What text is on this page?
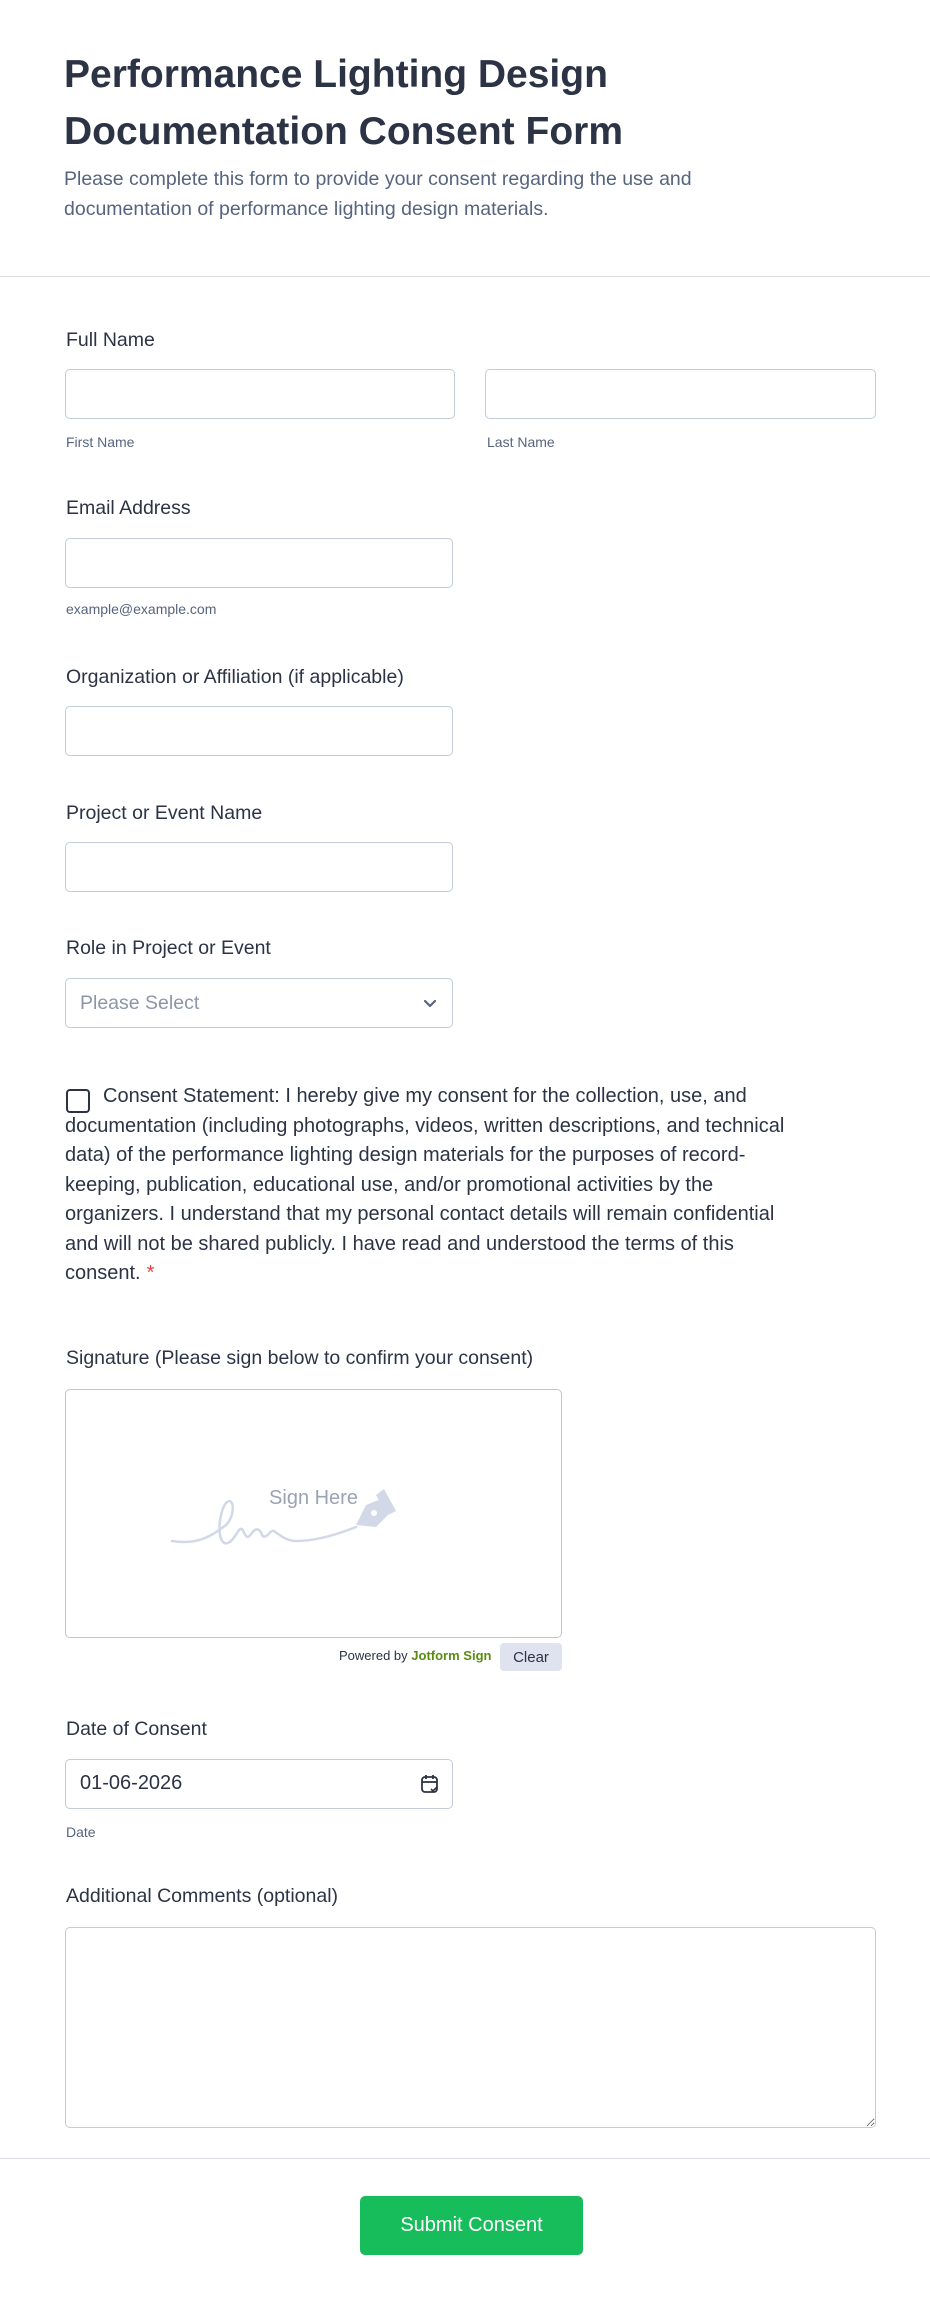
Performance Lighting Design Documentation Consent Form
Please complete this form to provide your consent regarding the use and documentation of performance lighting design materials.
Full Name
First Name	Last Name
Email Address
example@example.com
Organization or Affiliation (if applicable)
Project or Event Name
Role in Project or Event
Please Select
Consent Statement: I hereby give my consent for the collection, use, and documentation (including photographs, videos, written descriptions, and technical data) of the performance lighting design materials for the purposes of record-keeping, publication, educational use, and/or promotional activities by the organizers. I understand that my personal contact details will remain confidential and will not be shared publicly. I have read and understood the terms of this consent. *
Signature (Please sign below to confirm your consent)
Sign Here
Powered by Jotform Sign	Clear
Date of Consent
01-06-2026
Date
Additional Comments (optional)
Submit Consent
